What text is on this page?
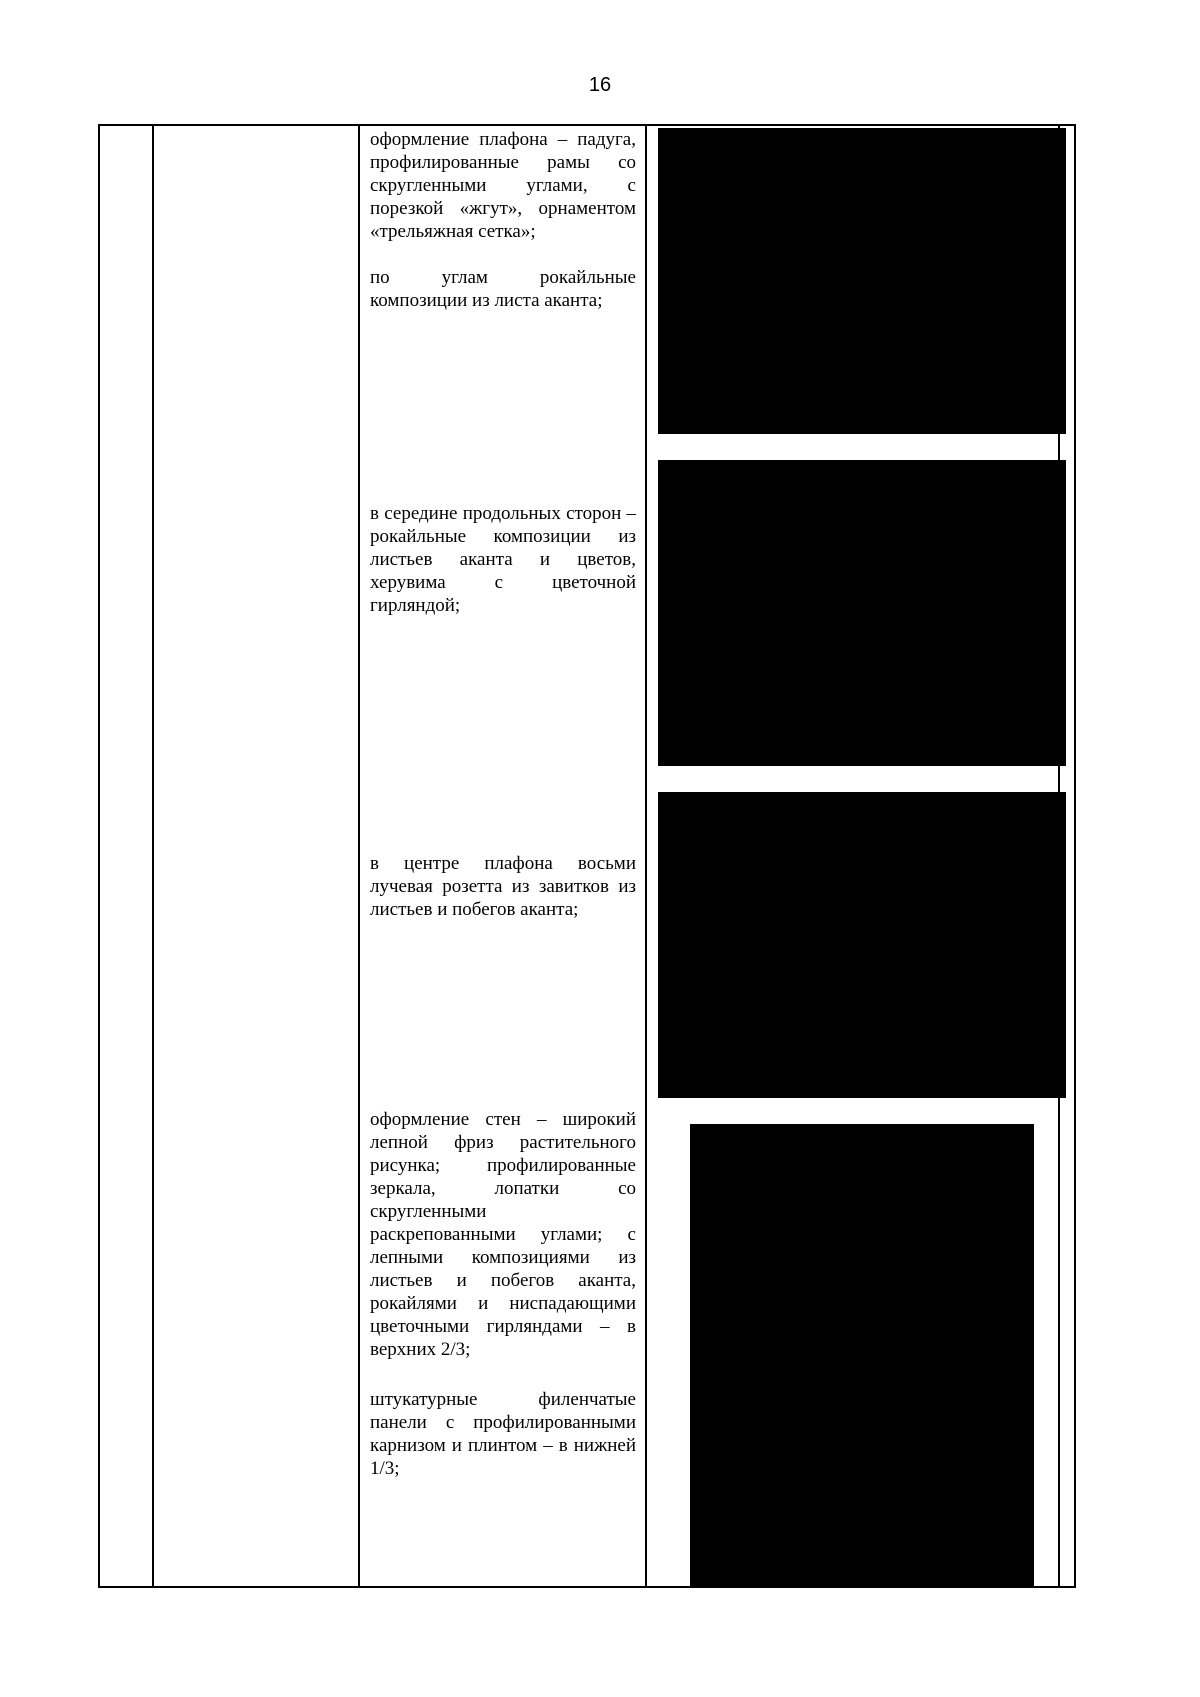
16

оформление плафона – падуга, профилированные рамы со скругленными углами, с порезкой «жгут», орнаментом «трельяжная сетка»;

по углам рокайльные композиции из листа аканта;

в середине продольных сторон – рокайльные композиции из листьев аканта и цветов, херувима с цветочной гирляндой;

в центре плафона восьми лучевая розетта из завитков из листьев и побегов аканта;

оформление стен – широкий лепной фриз растительного рисунка; профилированные зеркала, лопатки со скругленными раскрепованными углами; с лепными композициями из листьев и побегов аканта, рокайлями и ниспадающими цветочными гирляндами – в верхних 2/3;

штукатурные филенчатые панели с профилированными карнизом и плинтом – в нижней 1/3;
